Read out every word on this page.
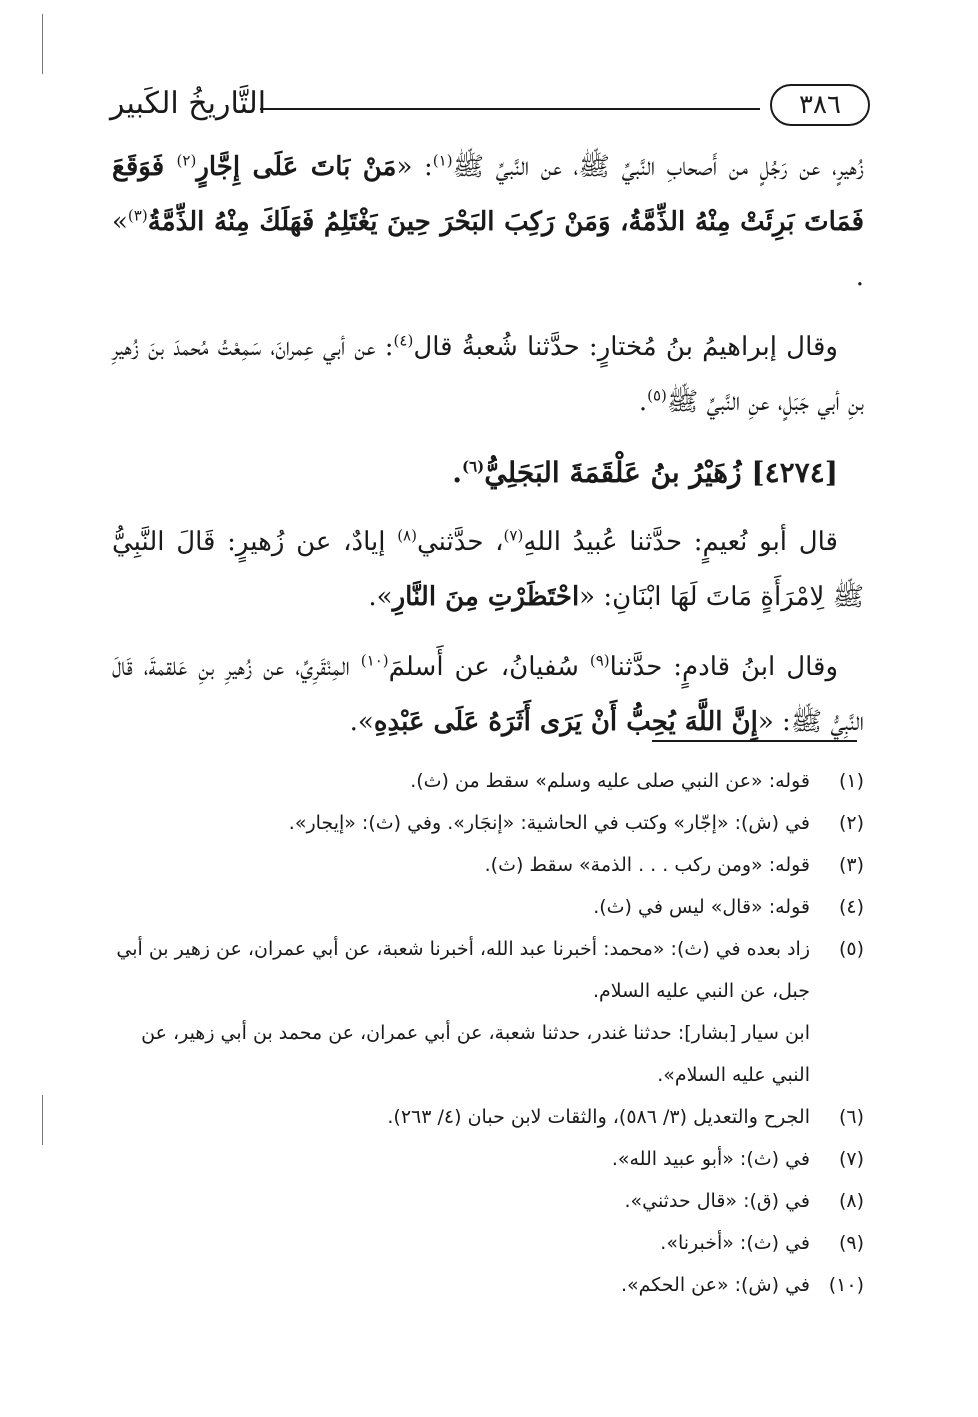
التَّاريخُ الكَبير	٣٨٦

زُهيرٍ، عن رَجُلٍ من أَصحابِ النَّبيِّ ﷺ، عن النَّبيِّ ﷺ$^{(١)}$: «مَنْ بَاتَ عَلَى إِجَّارٍ$^{(٢)}$ فَوَقَعَ فَمَاتَ بَرِئَتْ مِنْهُ الذِّمَّةُ، وَمَنْ رَكِبَ البَحْرَ حِينَ يَغْتَلِمُ فَهَلَكَ مِنْهُ الذِّمَّةُ$^{(٣)}$» .

وقال إبراهيمُ بنُ مُختارٍ: حدَّثنا شُعبةُ قال$^{(٤)}$: عن أبي عِمرانَ، سَمِعْتُ مُحمدَ بنَ زُهيرِ بنِ أبي جَبَلٍ، عنِ النَّبيِّ ﷺ$^{(٥)}$.

[٤٢٧٤] زُهَيْرُ بنُ عَلْقَمَةَ البَجَلِيُّ$^{(٦)}$.

قال أبو نُعيمٍ: حدَّثنا عُبيدُ اللهِ$^{(٧)}$، حدَّثني$^{(٨)}$ إيادٌ، عن زُهيرٍ: قَالَ النَّبِيُّ ﷺ لِامْرَأَةٍ مَاتَ لَهَا ابْنَانِ: «احْتَظَرْتِ مِنَ النَّارِ».

وقال ابنُ قادمٍ: حدَّثنا$^{(٩)}$ سُفيانُ، عن أَسلمَ$^{(١٠)}$ المِنْقَرِيِّ، عن زُهيرِ بنِ عَلقمةَ، قَالَ النَّبِيُّ ﷺ: «إِنَّ اللَّهَ يُحِبُّ أَنْ يَرَى أَثَرَهُ عَلَى عَبْدِهِ».

(١)
قوله: «عن النبي صلى عليه وسلم» سقط من (ث).
(٢)
في (ش): «إجّار» وكتب في الحاشية: «إنجَار». وفي (ث): «إيجار».
(٣)
قوله: «ومن ركب . . . الذمة» سقط (ث).
(٤)
قوله: «قال» ليس في (ث).
(٥)
زاد بعده في (ث): «محمد: أخبرنا عبد الله، أخبرنا شعبة، عن أبي عمران، عن زهير بن أبي جبل، عن النبي عليه السلام.
ابن سيار [بشار]: حدثنا غندر، حدثنا شعبة، عن أبي عمران، عن محمد بن أبي زهير، عن النبي عليه السلام».
(٦)
الجرح والتعديل (٣/ ٥٨٦)، والثقات لابن حبان (٤/ ٢٦٣).
(٧)
في (ث): «أبو عبيد الله».
(٨)
في (ق): «قال حدثني».
(٩)
في (ث): «أخبرنا».
(١٠)
في (ش): «عن الحكم».
